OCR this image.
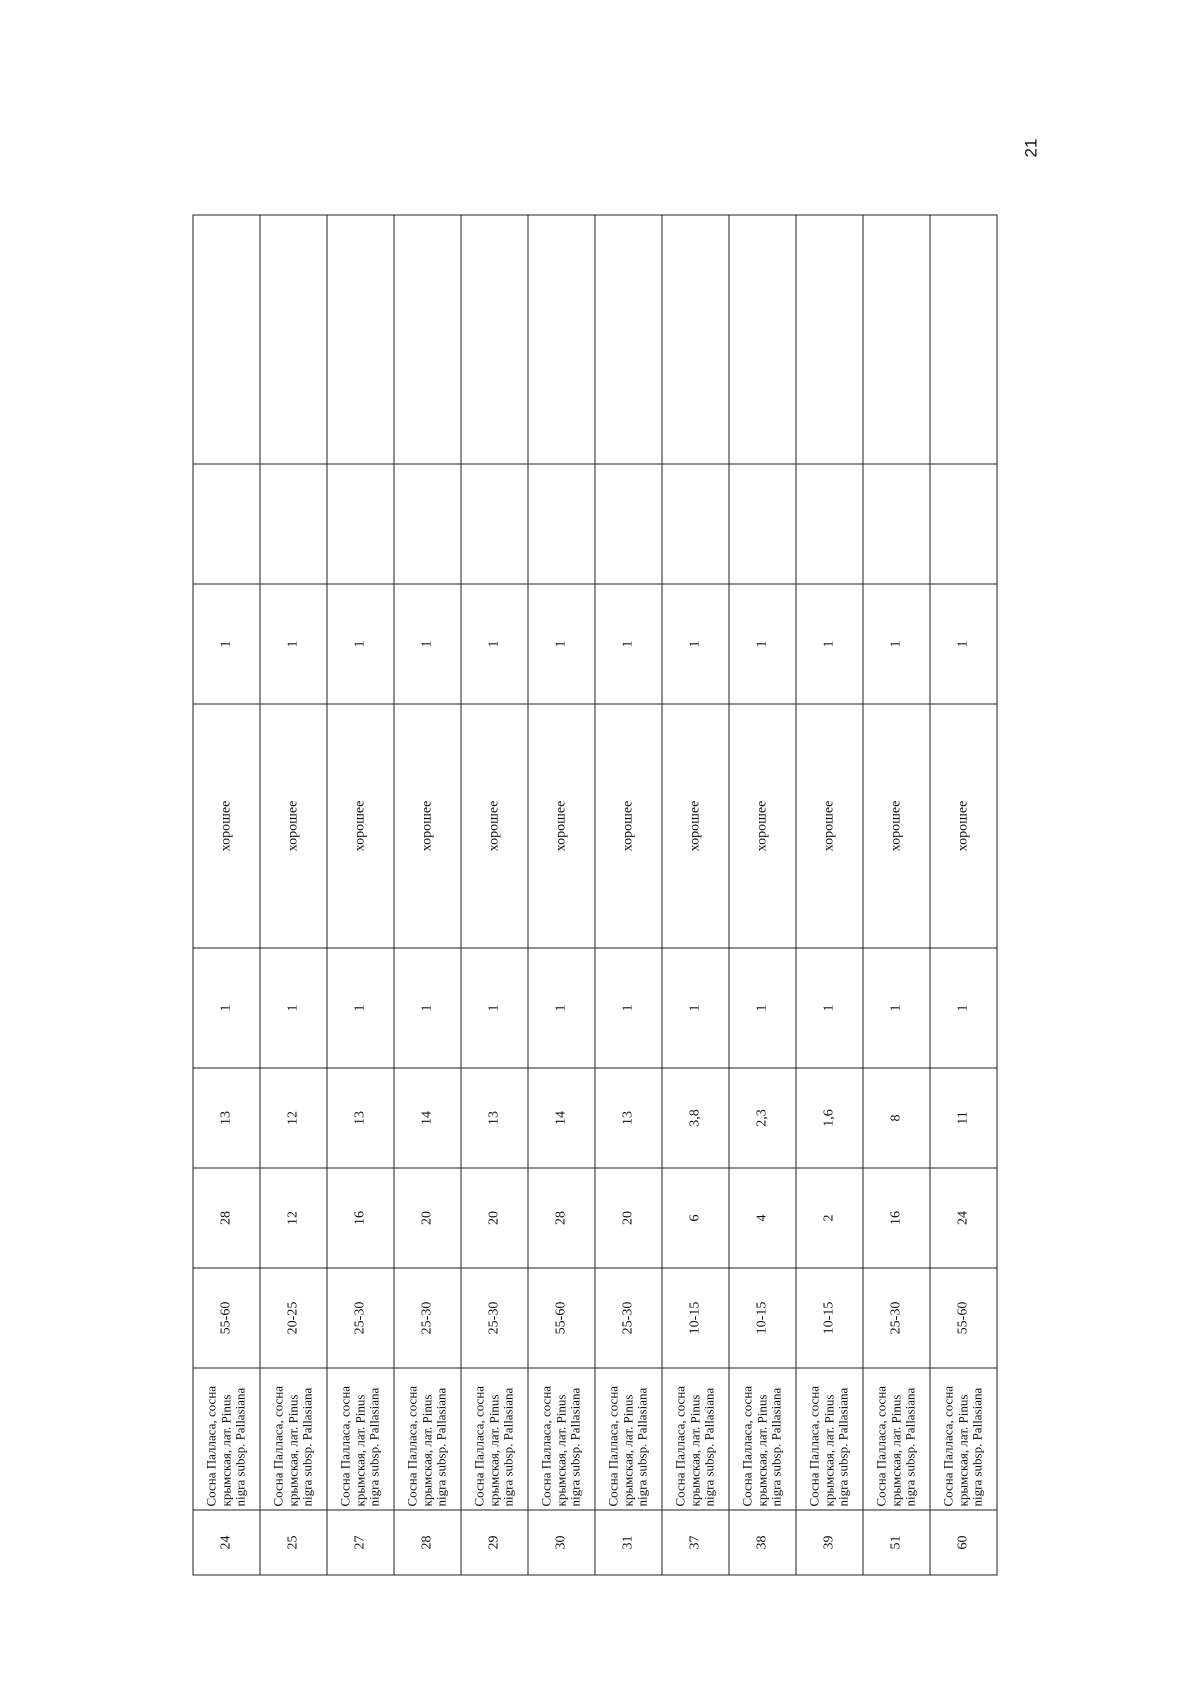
21
24	Сосна Палласа, сосна крымская, лат. Pinus nigra subsp. Pallasiana	55-60	28	13	1	хорошее	1		
25	Сосна Палласа, сосна крымская, лат. Pinus nigra subsp. Pallasiana	20-25	12	12	1	хорошее	1		
27	Сосна Палласа, сосна крымская, лат. Pinus nigra subsp. Pallasiana	25-30	16	13	1	хорошее	1		
28	Сосна Палласа, сосна крымская, лат. Pinus nigra subsp. Pallasiana	25-30	20	14	1	хорошее	1		
29	Сосна Палласа, сосна крымская, лат. Pinus nigra subsp. Pallasiana	25-30	20	13	1	хорошее	1		
30	Сосна Палласа, сосна крымская, лат. Pinus nigra subsp. Pallasiana	55-60	28	14	1	хорошее	1		
31	Сосна Палласа, сосна крымская, лат. Pinus nigra subsp. Pallasiana	25-30	20	13	1	хорошее	1		
37	Сосна Палласа, сосна крымская, лат. Pinus nigra subsp. Pallasiana	10-15	6	3,8	1	хорошее	1		
38	Сосна Палласа, сосна крымская, лат. Pinus nigra subsp. Pallasiana	10-15	4	2,3	1	хорошее	1		
39	Сосна Палласа, сосна крымская, лат. Pinus nigra subsp. Pallasiana	10-15	2	1,6	1	хорошее	1		
51	Сосна Палласа, сосна крымская, лат. Pinus nigra subsp. Pallasiana	25-30	16	8	1	хорошее	1		
60	Сосна Палласа, сосна крымская, лат. Pinus nigra subsp. Pallasiana	55-60	24	11	1	хорошее	1		
